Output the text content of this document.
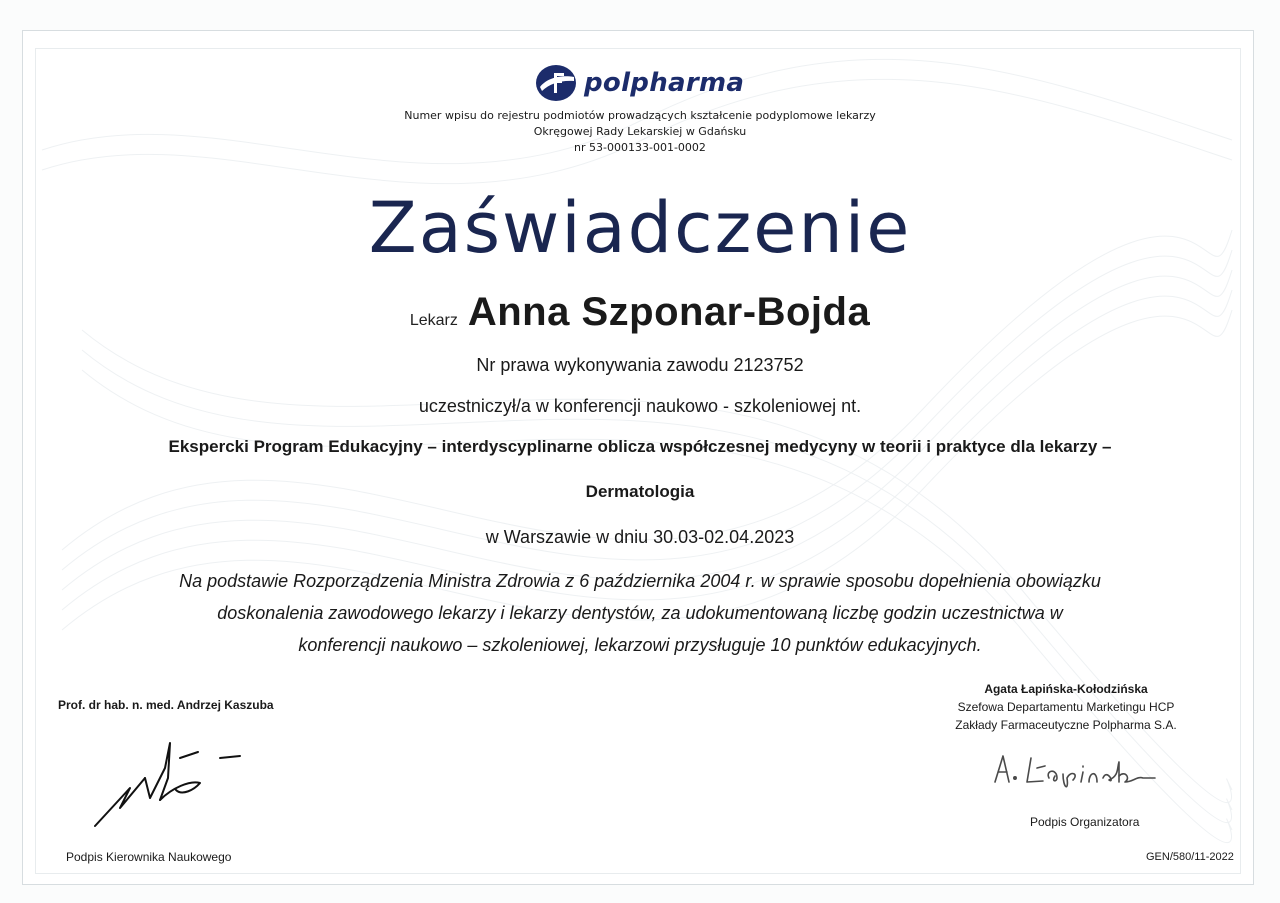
polpharma
Numer wpisu do rejestru podmiotów prowadzących kształcenie podyplomowe lekarzy
Okręgowej Rady Lekarskiej w Gdańsku
nr 53-000133-001-0002
Zaświadczenie
Lekarz Anna Szponar-Bojda
Nr prawa wykonywania zawodu 2123752
uczestniczył/a w konferencji naukowo - szkoleniowej nt.
Ekspercki Program Edukacyjny – interdyscyplinarne oblicza współczesnej medycyny w teorii i praktyce dla lekarzy –
Dermatologia
w Warszawie w dniu 30.03-02.04.2023
Na podstawie Rozporządzenia Ministra Zdrowia z 6 października 2004 r. w sprawie sposobu dopełnienia obowiązku
doskonalenia zawodowego lekarzy i lekarzy dentystów, za udokumentowaną liczbę godzin uczestnictwa w
konferencji naukowo – szkoleniowej, lekarzowi przysługuje 10 punktów edukacyjnych.
Prof. dr hab. n. med. Andrzej Kaszuba
Podpis Kierownika Naukowego
Agata Łapińska-Kołodzińska
Szefowa Departamentu Marketingu HCP
Zakłady Farmaceutyczne Polpharma S.A.
Podpis Organizatora
GEN/580/11-2022
